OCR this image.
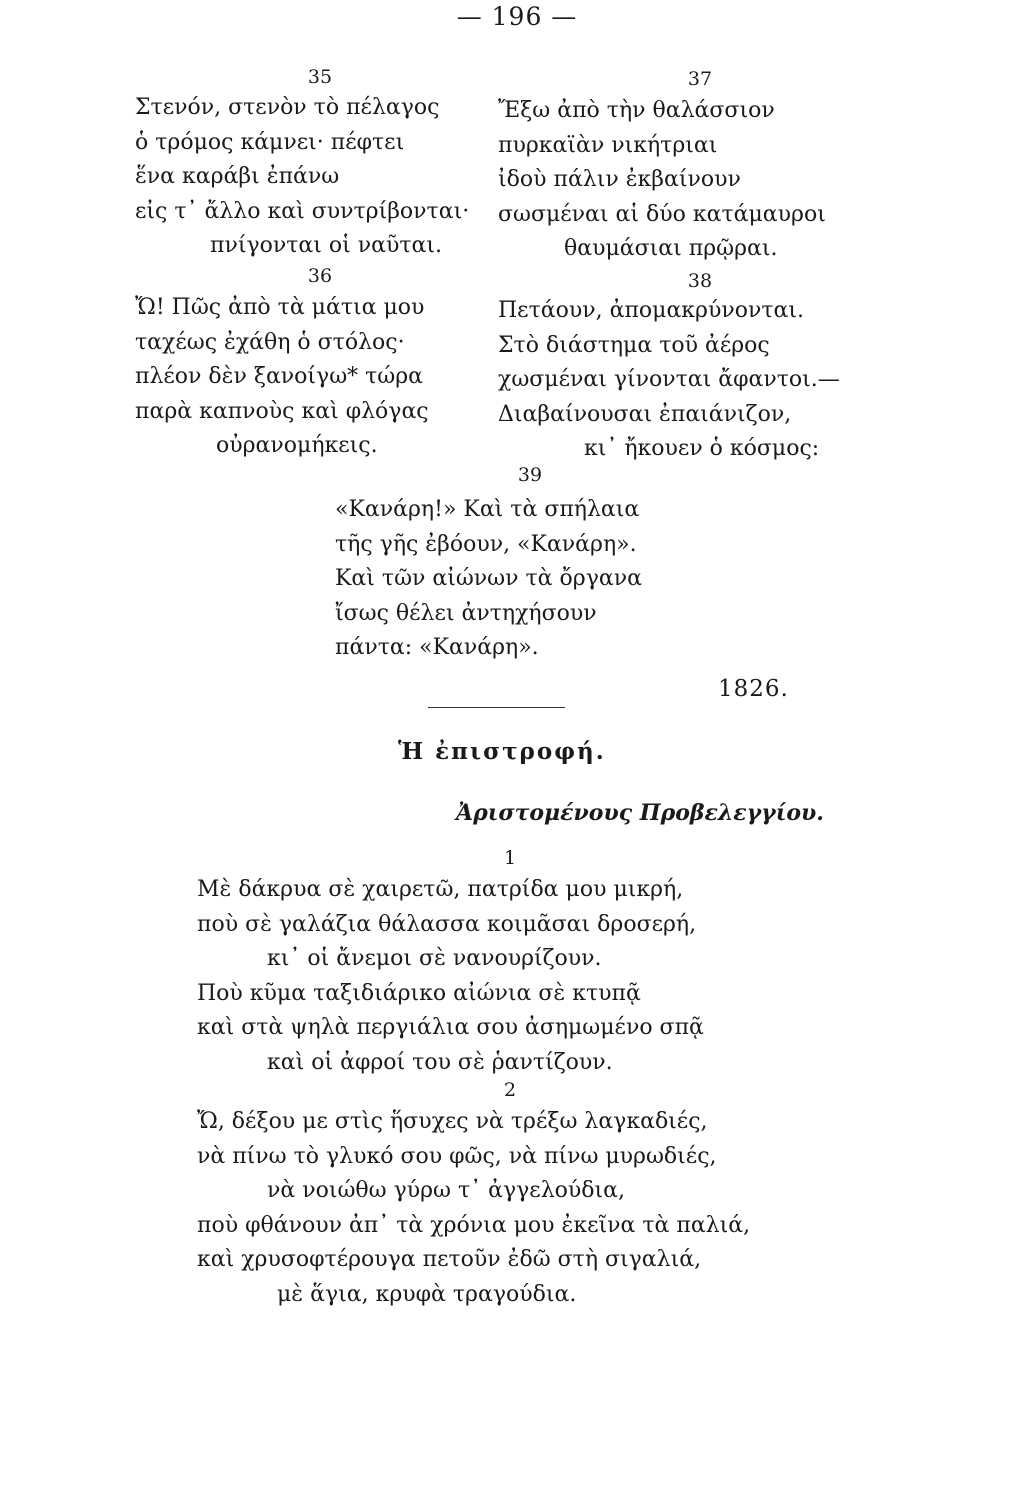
— 196 —
35
Στενόν, στενὸν τὸ πέλαγος
ὁ τρόμος κάμνει· πέφτει
ἕνα καράβι ἐπάνω
εἰς τ᾽ ἄλλο καὶ συντρίβονται·
πνίγονται οἱ ναῦται.
36
Ὤ! Πῶς ἀπὸ τὰ μάτια μου
ταχέως ἐχάθη ὁ στόλος·
πλέον δὲν ξανοίγω* τώρα
παρὰ καπνοὺς καὶ φλόγας
οὐρανομήκεις.
37
Ἔξω ἀπὸ τὴν θαλάσσιον
πυρκαϊὰν νικήτριαι
ἰδοὺ πάλιν ἐκβαίνουν
σωσμέναι αἱ δύο κατάμαυροι
θαυμάσιαι πρῷραι.
38
Πετάουν, ἀπομακρύνονται.
Στὸ διάστημα τοῦ ἀέρος
χωσμέναι γίνονται ἄφαντοι.—
Διαβαίνουσαι ἐπαιάνιζον,
κι᾽ ἤκουεν ὁ κόσμος:
39
«Κανάρη!» Καὶ τὰ σπήλαια
τῆς γῆς ἐβόουν, «Κανάρη».
Καὶ τῶν αἰώνων τὰ ὄργανα
ἴσως θέλει ἀντηχήσουν
πάντα: «Κανάρη».
1826.
Ἡ ἐπιστροφή.
Ἀριστομένους Προβελεγγίου.
1
Μὲ δάκρυα σὲ χαιρετῶ, πατρίδα μου μικρή,
ποὺ σὲ γαλάζια θάλασσα κοιμᾶσαι δροσερή,
κι᾽ οἱ ἄνεμοι σὲ νανουρίζουν.
Ποὺ κῦμα ταξιδιάρικο αἰώνια σὲ κτυπᾷ
καὶ στὰ ψηλὰ περγιάλια σου ἀσημωμένο σπᾷ
καὶ οἱ ἀφροί του σὲ ῥαντίζουν.
2
Ὤ, δέξου με στὶς ἥσυχες νὰ τρέξω λαγκαδιές,
νὰ πίνω τὸ γλυκό σου φῶς, νὰ πίνω μυρωδιές,
νὰ νοιώθω γύρω τ᾽ ἀγγελούδια,
ποὺ φθάνουν ἀπ᾽ τὰ χρόνια μου ἐκεῖνα τὰ παλιά,
καὶ χρυσοφτέρουγα πετοῦν ἐδῶ στὴ σιγαλιά,
μὲ ἅγια, κρυφὰ τραγούδια.
